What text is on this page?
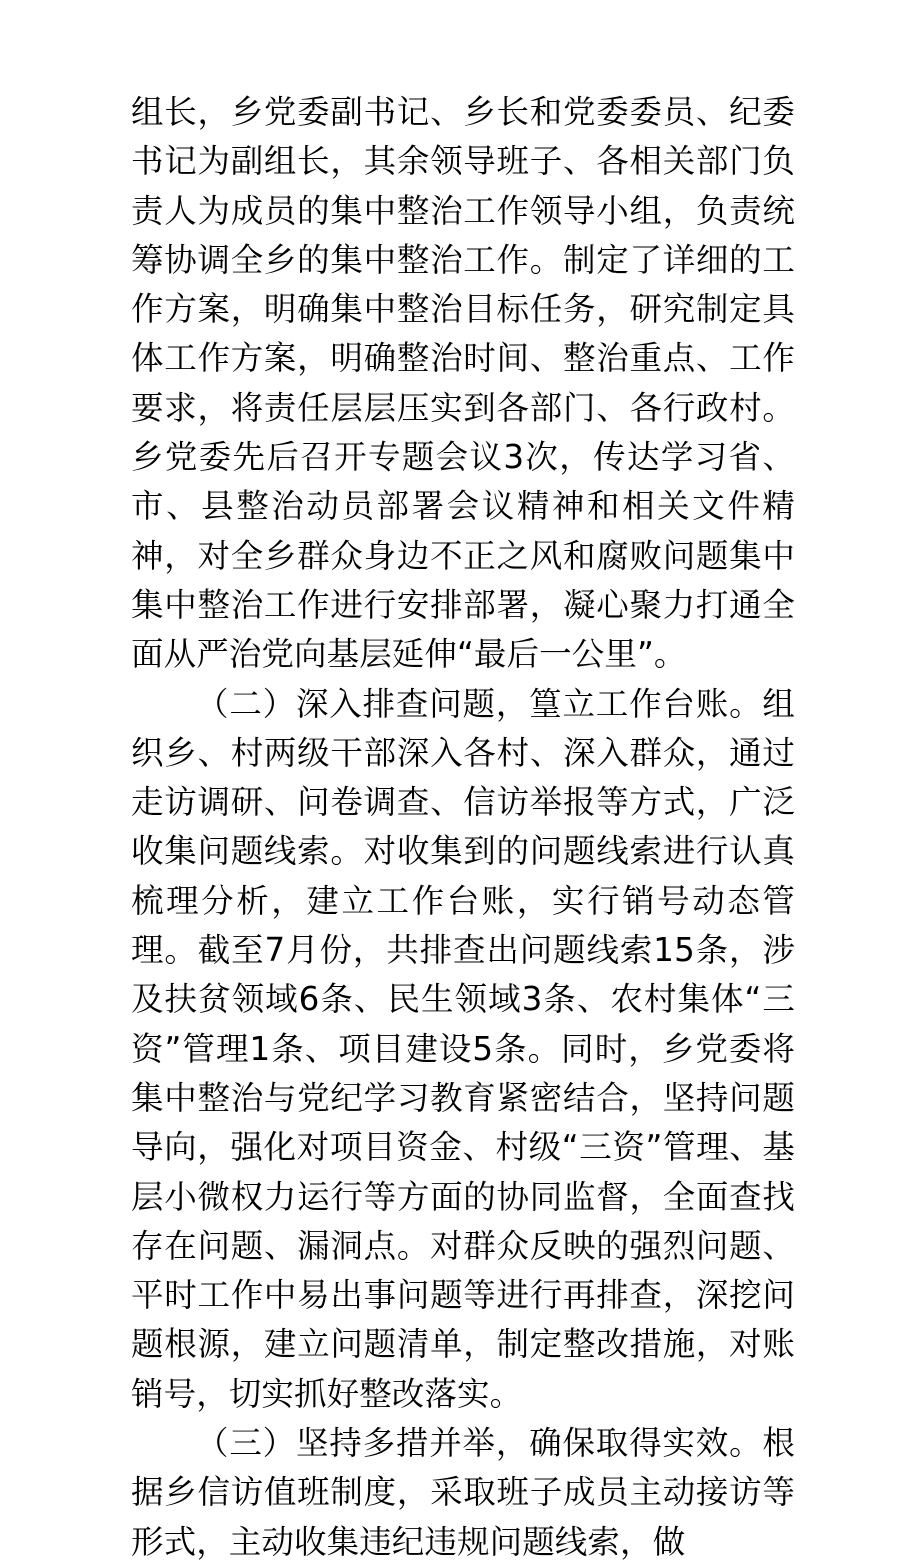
组长，乡党委副书记、乡长和党委委员、纪委书记为副组长，其余领导班子、各相关部门负责人为成员的集中整治工作领导小组，负责统筹协调全乡的集中整治工作。制定了详细的工作方案，明确集中整治目标任务，研究制定具体工作方案，明确整治时间、整治重点、工作要求，将责任层层压实到各部门、各行政村。乡党委先后召开专题会议3次，传达学习省、市、县整治动员部署会议精神和相关文件精神，对全乡群众身边不正之风和腐败问题集中集中整治工作进行安排部署，凝心聚力打通全面从严治党向基层延伸“最后一公里”。

（二）深入排查问题，篁立工作台账。组织乡、村两级干部深入各村、深入群众，通过走访调研、问卷调查、信访举报等方式，广泛收集问题线索。对收集到的问题线索进行认真梳理分析，建立工作台账，实行销号动态管理。截至7月份，共排查出问题线索15条，涉及扶贫领域6条、民生领域3条、农村集体“三资”管理1条、项目建设5条。同时，乡党委将集中整治与党纪学习教育紧密结合，坚持问题导向，强化对项目资金、村级“三资”管理、基层小微权力运行等方面的协同监督，全面查找存在问题、漏洞点。对群众反映的强烈问题、平时工作中易出事问题等进行再排查，深挖问题根源，建立问题清单，制定整改措施，对账销号，切实抓好整改落实。

（三）坚持多措并举，确保取得实效。根据乡信访值班制度，采取班子成员主动接访等形式，主动收集违纪违规问题线索，做
